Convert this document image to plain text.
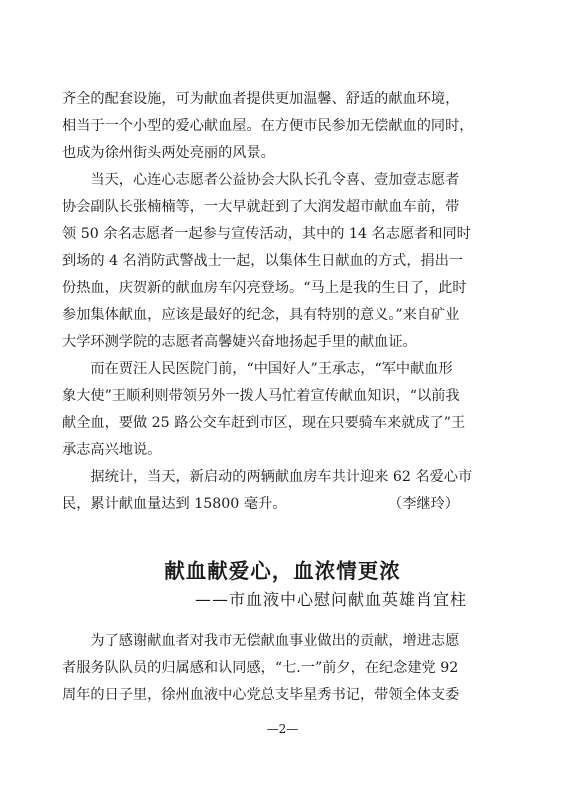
齐全的配套设施，可为献血者提供更加温馨、舒适的献血环境，
相当于一个小型的爱心献血屋。在方便市民参加无偿献血的同时，
也成为徐州街头两处亮丽的风景。
　　当天，心连心志愿者公益协会大队长孔令喜、壹加壹志愿者
协会副队长张楠楠等，一大早就赶到了大润发超市献血车前，带
领 50 余名志愿者一起参与宣传活动，其中的 14 名志愿者和同时
到场的 4 名消防武警战士一起，以集体生日献血的方式，捐出一
份热血，庆贺新的献血房车闪亮登场。“马上是我的生日了，此时
参加集体献血，应该是最好的纪念，具有特别的意义。”来自矿业
大学环测学院的志愿者高馨婕兴奋地扬起手里的献血证。
　　而在贾汪人民医院门前，“中国好人”王承志，“军中献血形
象大使”王顺利则带领另外一拨人马忙着宣传献血知识，“以前我
献全血，要做 25 路公交车赶到市区，现在只要骑车来就成了”王
承志高兴地说。
　　据统计，当天，新启动的两辆献血房车共计迎来 62 名爱心市
民，累计献血量达到 15800 毫升。	（李继玲）
献血献爱心，血浓情更浓
——市血液中心慰问献血英雄肖宜柱
　　为了感谢献血者对我市无偿献血事业做出的贡献，增进志愿
者服务队队员的归属感和认同感，“七.一”前夕，在纪念建党 92
周年的日子里，徐州血液中心党总支毕星秀书记，带领全体支委
—2—
